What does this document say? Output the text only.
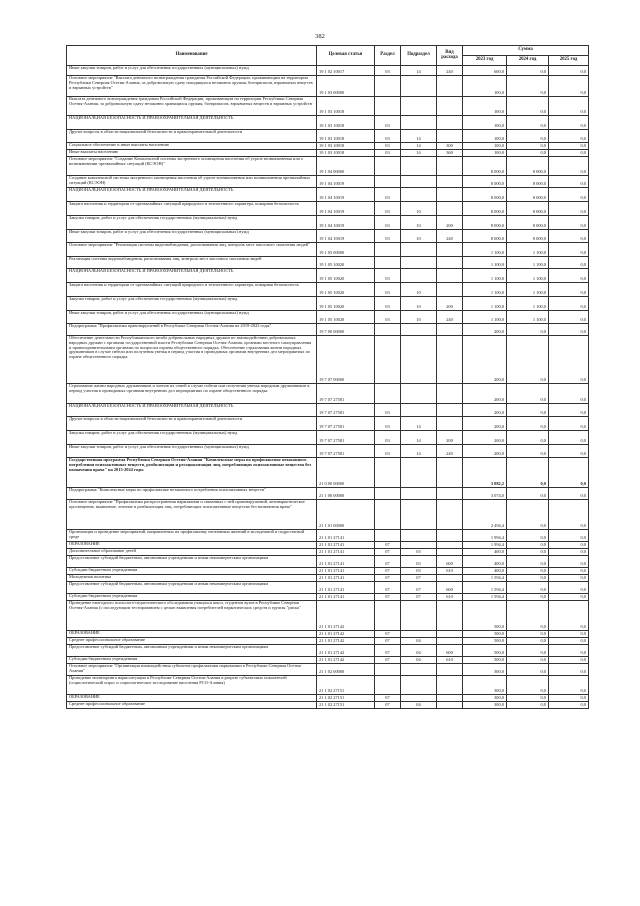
382
Наименование	Целевая статья	Раздел	Подраздел	Вид расхода	Сумма		
					2023 год	2024 год	2025 год
Иные закупки товаров, работ и услуг для обеспечения государственных (муниципальных) нужд	19 1 02 10017	03	14	240	600,0	0,0	0,0
Основное мероприятие "Выплата денежного вознаграждения гражданам Российской Федерации, проживающим на территории Республики Северная Осетия-Алания, за добровольную сдачу находящихся незаконно оружия, боеприпасов, взрывчатых веществ и взрывных устройств"	19 1 03 00000				100,0	0,0	0,0
Выплата денежного вознаграждения гражданам Российской Федерации, проживающим на территории Республики Северная Осетия-Алания, за добровольную сдачу незаконно хранящихся оружия, боеприпасов, взрывчатых веществ и взрывных устройств	19 1 03 10018				100,0	0,0	0,0
НАЦИОНАЛЬНАЯ БЕЗОПАСНОСТЬ И ПРАВООХРАНИТЕЛЬНАЯ ДЕЯТЕЛЬНОСТЬ	19 1 03 10018	03			100,0	0,0	0,0
Другие вопросы в области национальной безопасности и правоохранительной деятельности	19 1 03 10018	03	14		100,0	0,0	0,0
Социальное обеспечение и иные выплаты населению	19 1 03 10018	03	14	300	100,0	0,0	0,0
Иные выплаты населению	19 1 03 10018	03	14	360	100,0	0,0	0,0
Основное мероприятие "Создание Комплексной системы экстренного оповещения населения об угрозе возникновения или о возникновении чрезвычайных ситуаций (КСЭОН)"	19 1 04 00000				8 000,0	8 000,0	0,0
Создание комплексной системы экстренного оповещения населения об угрозе возникновения или возникновения чрезвычайных ситуаций (КСЭОН)	19 1 04 10019				8 000,0	8 000,0	0,0
НАЦИОНАЛЬНАЯ БЕЗОПАСНОСТЬ И ПРАВООХРАНИТЕЛЬНАЯ ДЕЯТЕЛЬНОСТЬ	19 1 04 10019	03			8 000,0	8 000,0	0,0
Защита населения и территории от чрезвычайных ситуаций природного и техногенного характера, пожарная безопасность	19 1 04 10019	03	10		8 000,0	8 000,0	0,0
Закупка товаров, работ и услуг для обеспечения государственных (муниципальных) нужд	19 1 04 10019	03	10	200	8 000,0	8 000,0	0,0
Иные закупки товаров, работ и услуг для обеспечения государственных (муниципальных) нужд	19 1 04 10019	03	10	240	8 000,0	8 000,0	0,0
Основное мероприятие "Реализация системы видеонаблюдения, распознавания лиц, контроль мест массового скопления людей"	19 1 05 00000				1 100,0	1 100,0	0,0
Реализация системы видеонаблюдения, распознавания лиц, контроль мест массового скопления людей	19 1 05 10020				1 100,0	1 100,0	0,0
НАЦИОНАЛЬНАЯ БЕЗОПАСНОСТЬ И ПРАВООХРАНИТЕЛЬНАЯ ДЕЯТЕЛЬНОСТЬ	19 1 05 10020	03			1 100,0	1 100,0	0,0
Защита населения и территории от чрезвычайных ситуаций природного и техногенного характера, пожарная безопасность	19 1 05 10020	03	10		1 100,0	1 100,0	0,0
Закупка товаров, работ и услуг для обеспечения государственных (муниципальных) нужд	19 1 05 10020	03	10	200	1 100,0	1 100,0	0,0
Иные закупки товаров, работ и услуг для обеспечения государственных (муниципальных) нужд	19 1 05 10020	03	10	240	1 100,0	1 100,0	0,0
Подпрограмма "Профилактика правонарушений в Республике Северная Осетия-Алания на 2019-2023 годы"	19 7 00 00000				200,0	0,0	0,0
Обеспечение деятельности Республиканского штаба добровольных народных дружин по взаимодействию добровольных народных дружин с органами государственной власти Республики Северная Осетия-Алания, органами местного самоуправления и правоохранительными органами по вопросам охраны общественного порядка. Обеспечение страхования жизни народных дружинников в случае гибели или получения увечья в период участия в проводимых органами внутренних дел мероприятиях по охране общественного порядка	19 7 07 00000				200,0	0,0	0,0
Страхование жизни народных дружинников и членов их семей в случае гибели или получения увечья народным дружинником в период участия в проводимых органами внутренних дел мероприятиях по охране общественного порядка	19 7 07 27581				200,0	0,0	0,0
НАЦИОНАЛЬНАЯ БЕЗОПАСНОСТЬ И ПРАВООХРАНИТЕЛЬНАЯ ДЕЯТЕЛЬНОСТЬ	19 7 07 27581	03			200,0	0,0	0,0
Другие вопросы в области национальной безопасности и правоохранительной деятельности	19 7 07 27581	03	14		200,0	0,0	0,0
Закупка товаров, работ и услуг для обеспечения государственных (муниципальных) нужд	19 7 07 27581	03	14	200	200,0	0,0	0,0
Иные закупки товаров, работ и услуг для обеспечения государственных (муниципальных) нужд	19 7 07 27581	03	14	240	200,0	0,0	0,0
Государственная программа Республики Северная Осетия-Алания "Комплексные меры по профилактике незаконного потребления психоактивных веществ, реабилитация и ресоциализация лиц, потребляющих психоактивные вещества без назначения врача" на 2015-2024 годы	21 0 00 00000				3 882,2	0,0	0,0
Подпрограмма "Комплексные меры по профилактике незаконного потребления психоактивных веществ"	21 1 00 00000				3 074,0	0,0	0,0
Основное мероприятие "Профилактика распространения наркомании и связанных с ней правонарушений, антинаркотическое просвещение, выявление, лечение и реабилитация лиц, потребляющих психоактивные вещества без назначения врача"	21 1 01 00000				2 494,4	0,0	0,0
Организация и проведение мероприятий, направленных на профилактику негативных явлений в молодежной и подростковой среде	21 1 01 27141				1 994,4	0,0	0,0
ОБРАЗОВАНИЕ	21 1 01 27141	07			1 994,4	0,0	0,0
Дополнительное образование детей	21 1 01 27141	07	03		400,0	0,0	0,0
Предоставление субсидий бюджетным, автономным учреждениям и иным некоммерческим организациям	21 1 01 27141	07	03	600	400,0	0,0	0,0
Субсидии бюджетным учреждениям	21 1 01 27141	07	03	610	400,0	0,0	0,0
Молодежная политика	21 1 01 27141	07	07		1 594,4	0,0	0,0
Предоставление субсидий бюджетным, автономным учреждениям и иным некоммерческим организациям	21 1 01 27141	07	07	600	1 594,4	0,0	0,0
Субсидии бюджетным учреждениям	21 1 01 27141	07	07	610	1 594,4	0,0	0,0
Проведение ежегодного психолого-педагогического обследования учащихся школ, студентов вузов в Республике Северная Осетия-Алания (с последующим тестированием с целью выявления потребителей наркотических средств и группы "риска"	21 1 01 27142				500,0	0,0	0,0
ОБРАЗОВАНИЕ	21 1 01 27142	07			500,0	0,0	0,0
Среднее профессиональное образование	21 1 01 27142	07	04		500,0	0,0	0,0
Предоставление субсидий бюджетным, автономным учреждениям и иным некоммерческим организациям	21 1 01 27142	07	04	600	500,0	0,0	0,0
Субсидии бюджетным учреждениям	21 1 01 27142	07	04	610	500,0	0,0	0,0
Основное мероприятие "Организация взаимодействия субъектов профилактики наркомании в Республике Северная Осетия-Алания"	21 1 02 00000				300,0	0,0	0,0
Проведение мониторинга наркоситуации в Республике Северная Осетия-Алания в разрезе субъектовых показателей (социологический опрос и социологическое исследование населения РСО-Алания)	21 1 02 27151				300,0	0,0	0,0
ОБРАЗОВАНИЕ	21 1 02 27151	07			300,0	0,0	0,0
Среднее профессиональное образование	21 1 02 27151	07	04		300,0	0,0	0,0
